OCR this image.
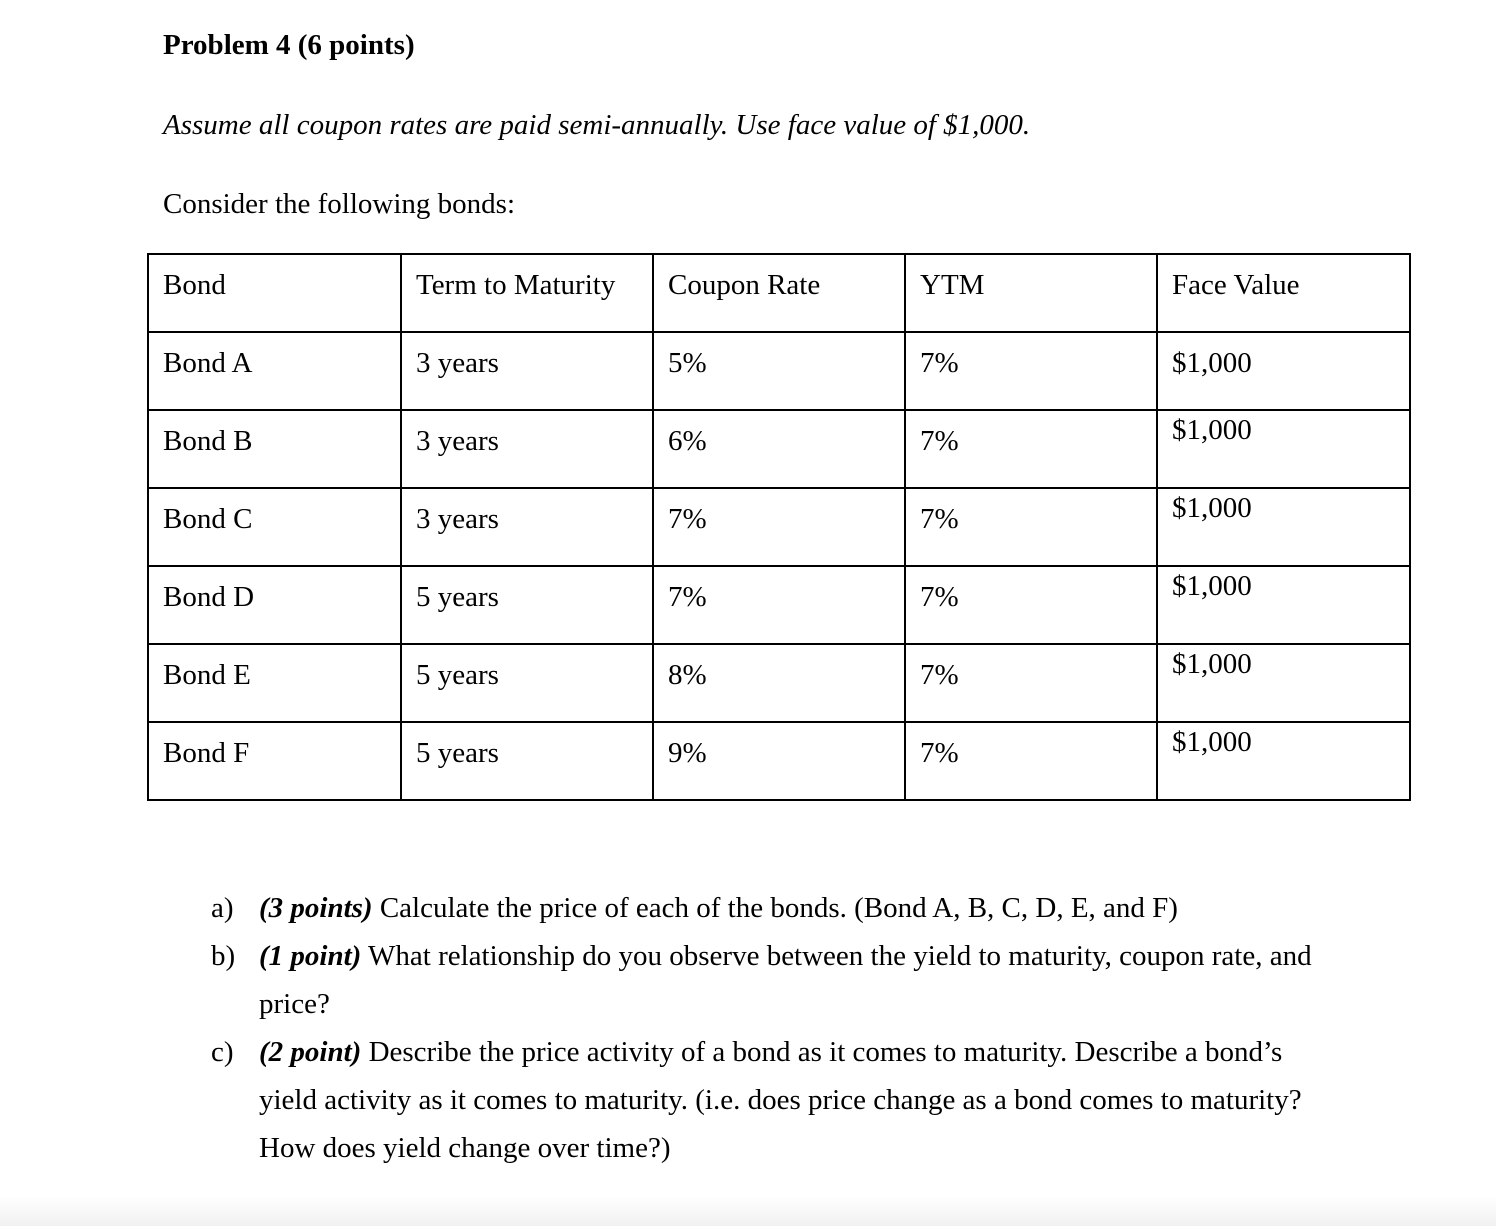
Problem 4 (6 points)
Assume all coupon rates are paid semi-annually. Use face value of $1,000.
Consider the following bonds:
Bond	Term to Maturity	Coupon Rate	YTM	Face Value
Bond A	3 years	5%	7%	$1,000
Bond B	3 years	6%	7%	$1,000
Bond C	3 years	7%	7%	$1,000
Bond D	5 years	7%	7%	$1,000
Bond E	5 years	8%	7%	$1,000
Bond F	5 years	9%	7%	$1,000
a) (3 points) Calculate the price of each of the bonds. (Bond A, B, C, D, E, and F)
b) (1 point) What relationship do you observe between the yield to maturity, coupon rate, and price?
c) (2 point) Describe the price activity of a bond as it comes to maturity. Describe a bond’s yield activity as it comes to maturity. (i.e. does price change as a bond comes to maturity? How does yield change over time?)
